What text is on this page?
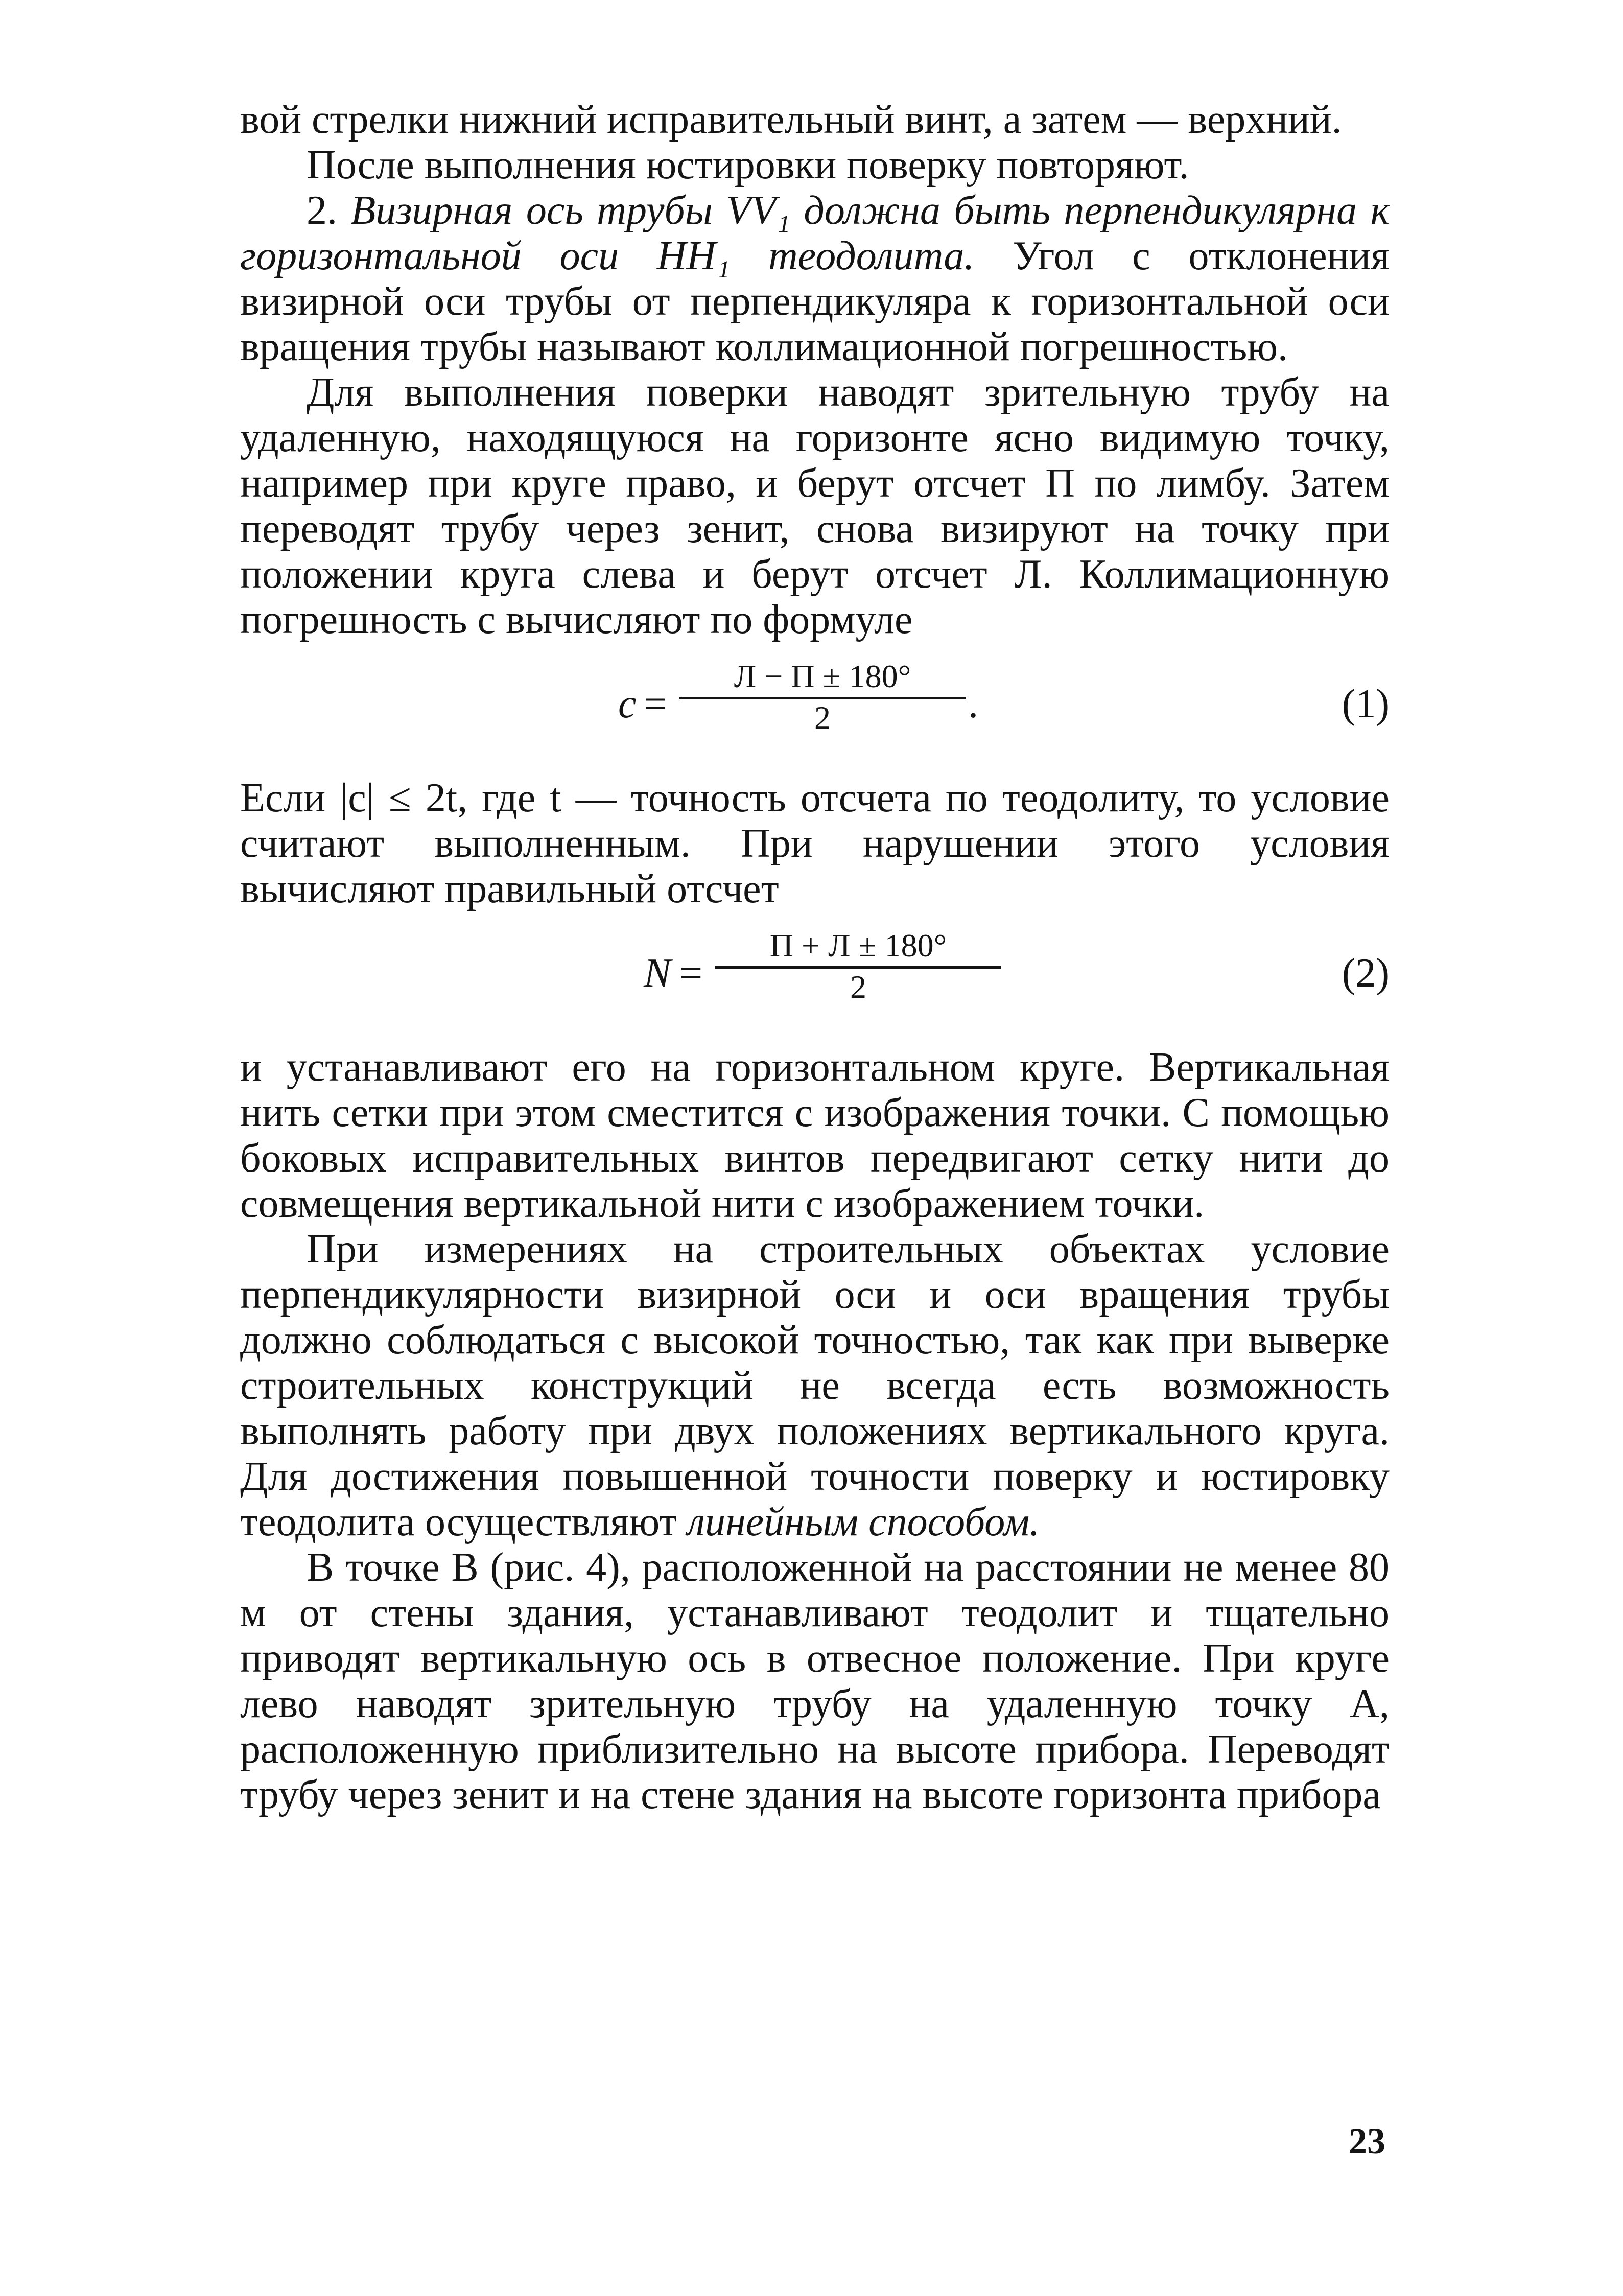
вой стрелки нижний исправительный винт, а затем — верхний.

После выполнения юстировки поверку повторяют.

2. Визирная ось трубы VV₁ должна быть перпендикулярна к горизонтальной оси HH₁ теодолита. Угол c отклонения визирной оси трубы от перпендикуляра к горизонтальной оси вращения трубы называют коллимационной погрешностью.

Для выполнения поверки наводят зрительную трубу на удаленную, находящуюся на горизонте ясно видимую точку, например при круге право, и берут отсчет П по лимбу. Затем переводят трубу через зенит, снова визируют на точку при положении круга слева и берут отсчет Л. Коллимационную погрешность c вычисляют по формуле

c =
Л − П ± 180°
2	.	(1)

Если |c| ≤ 2t, где t — точность отсчета по теодолиту, то условие считают выполненным. При нарушении этого условия вычисляют правильный отсчет

N =
П + Л ± 180°
2	(2)

и устанавливают его на горизонтальном круге. Вертикальная нить сетки при этом сместится с изображения точки. С помощью боковых исправительных винтов передвигают сетку нити до совмещения вертикальной нити с изображением точки.

При измерениях на строительных объектах условие перпендикулярности визирной оси и оси вращения трубы должно соблюдаться с высокой точностью, так как при выверке строительных конструкций не всегда есть возможность выполнять работу при двух положениях вертикального круга. Для достижения повышенной точности поверку и юстировку теодолита осуществляют линейным способом.

В точке B (рис. 4), расположенной на расстоянии не менее 80 м от стены здания, устанавливают теодолит и тщательно приводят вертикальную ось в отвесное положение. При круге лево наводят зрительную трубу на удаленную точку A, расположенную приблизительно на высоте прибора. Переводят трубу через зенит и на стене здания на высоте горизонта прибора

23
